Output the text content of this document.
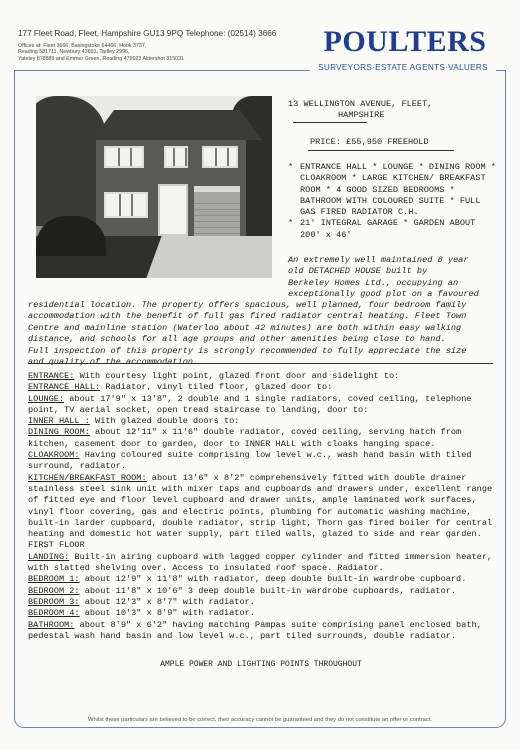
177 Fleet Road, Fleet, Hampshire GU13 9PQ Telephone: (02514) 3666
Offices at: Fleet 3666, Basingstoke 64466, Hook 3737,
Reading 581711, Newbury 43691, Tadley 2996,
Yateley 878889 and Emmer Green, Reading 479923 Aldershot 315031
POULTERS
SURVEYORS·ESTATE AGENTS·VALUERS
13 WELLINGTON AVENUE, FLEET,
HAMPSHIRE
PRICE: £55,950 FREEHOLD
* ENTRANCE HALL * LOUNGE * DINING ROOM * CLOAKROOM * LARGE KITCHEN/ BREAKFAST ROOM * 4 GOOD SIZED BEDROOMS * BATHROOM WITH COLOURED SUITE * FULL GAS FIRED RADIATOR C.H.
* 21' INTEGRAL GARAGE * GARDEN ABOUT 200' x 46'
An extremely well maintained 8 year
old DETACHED HOUSE built by
Berkeley Homes Ltd., occupying an
exceptionally good plot on a favoured
residential location. The property offers spacious, well planned, four bedroom family
accommodation with the benefit of full gas fired radiator central heating. Fleet Town
Centre and mainline station (Waterloo about 42 minutes) are both within easy walking
distance, and schools for all age groups and other amenities being close to hand.
Full inspection of this property is strongly recommended to fully appreciate the size

ENTRANCE: With courtesy light point, glazed front door and sidelight to:

ENTRANCE HALL: Radiator, vinyl tiled floor, glazed door to:

LOUNGE: about 17'9" x 13'8", 2 double and 1 single radiators, coved ceiling, telephone point, TV aerial socket, open tread staircase to landing, door to:

INNER HALL : With glazed double doors to:

DINING ROOM: about 12'11" x 11'6" double radiator, coved ceiling, serving hatch from kitchen, casement door to garden, door to INNER HALL with cloaks hanging space.

CLOAKROOM: Having coloured suite comprising low level w.c., wash hand basin with tiled surround, radiator.

KITCHEN/BREAKFAST ROOM: about 13'6" x 8'2" comprehensively fitted with double drainer stainless steel sink unit with mixer taps and cupboards and drawers under, excellent range of fitted eye and floor level cupboard and drawer units, ample laminated work surfaces, vinyl floor covering, gas and electric points, plumbing for automatic washing machine, built-in larder cupboard, double radiator, strip light, Thorn gas fired boiler for central heating and domestic hot water supply, part tiled walls, glazed to side and rear garden.

FIRST FLOOR

LANDING: Built-in airing cupboard with lagged copper cylinder and fitted immersion heater, with slatted shelving over. Access to insulated roof space. Radiator.

BEDROOM 1: about 12'9" x 11'8" with radiator, deep double built-in wardrobe cupboard.

BEDROOM 2: about 11'8" x 10'6" 3 deep double built-in wardrobe cupboards, radiator.

BEDROOM 3: about 12'3" x 8'7" with radiator.

BEDROOM 4: about 10'3" x 8'9" with radiator.

BATHROOM: about 8'9" x 6'2" having matching Pampas suite comprising panel enclosed bath, pedestal wash hand basin and low level w.c., part tiled surrounds, double radiator.

AMPLE POWER AND LIGHTING POINTS THROUGHOUT
Whilst these particulars are believed to be correct, their accuracy cannot be guaranteed and they do not constitute an offer or contract.
